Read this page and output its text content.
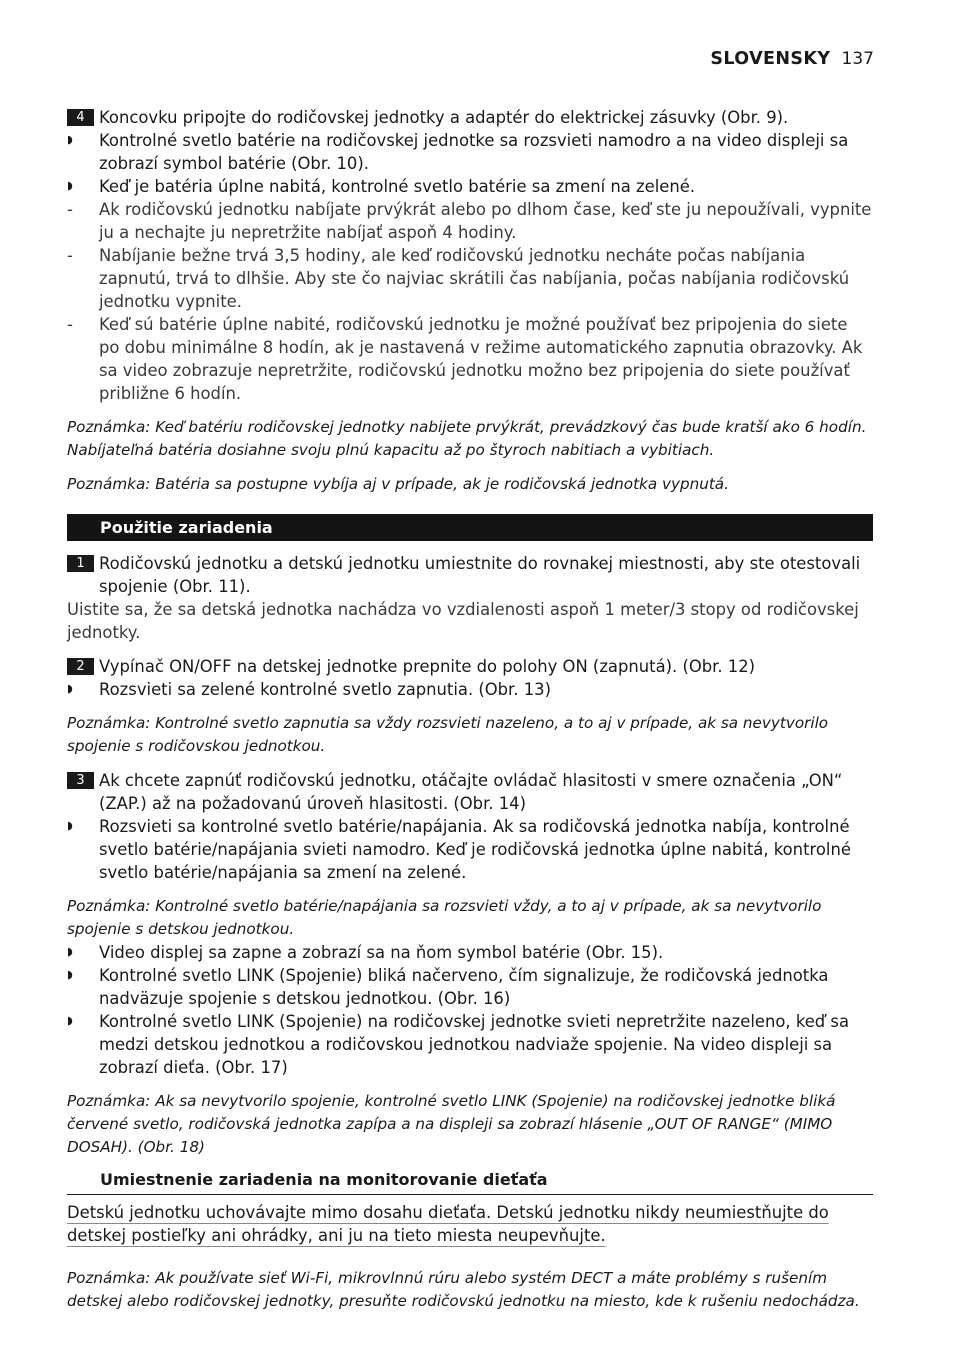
SLOVENSKY 137
4 Koncovku pripojte do rodičovskej jednotky a adaptér do elektrickej zásuvky (Obr. 9).
◗ Kontrolné svetlo batérie na rodičovskej jednotke sa rozsvieti namodro a na video displeji sa zobrazí symbol batérie (Obr. 10).
◗ Keď je batéria úplne nabitá, kontrolné svetlo batérie sa zmení na zelené.
- Ak rodičovskú jednotku nabíjate prvýkrát alebo po dlhom čase, keď ste ju nepoužívali, vypnite ju a nechajte ju nepretržite nabíjať aspoň 4 hodiny.
- Nabíjanie bežne trvá 3,5 hodiny, ale keď rodičovskú jednotku necháte počas nabíjania zapnutú, trvá to dlhšie. Aby ste čo najviac skrátili čas nabíjania, počas nabíjania rodičovskú jednotku vypnite.
- Keď sú batérie úplne nabité, rodičovskú jednotku je možné používať bez pripojenia do siete po dobu minimálne 8 hodín, ak je nastavená v režime automatického zapnutia obrazovky. Ak sa video zobrazuje nepretržite, rodičovskú jednotku možno bez pripojenia do siete používať približne 6 hodín.
Poznámka: Keď batériu rodičovskej jednotky nabijete prvýkrát, prevádzkový čas bude kratší ako 6 hodín. Nabíjateľná batéria dosiahne svoju plnú kapacitu až po štyroch nabitiach a vybitiach.
Poznámka: Batéria sa postupne vybíja aj v prípade, ak je rodičovská jednotka vypnutá.
Použitie zariadenia
1 Rodičovskú jednotku a detskú jednotku umiestnite do rovnakej miestnosti, aby ste otestovali spojenie (Obr. 11).
Uistite sa, že sa detská jednotka nachádza vo vzdialenosti aspoň 1 meter/3 stopy od rodičovskej jednotky.
2 Vypínač ON/OFF na detskej jednotke prepnite do polohy ON (zapnutá). (Obr. 12)
◗ Rozsvieti sa zelené kontrolné svetlo zapnutia. (Obr. 13)
Poznámka: Kontrolné svetlo zapnutia sa vždy rozsvieti nazeleno, a to aj v prípade, ak sa nevytvorilo spojenie s rodičovskou jednotkou.
3 Ak chcete zapnúť rodičovskú jednotku, otáčajte ovládač hlasitosti v smere označenia „ON“ (ZAP.) až na požadovanú úroveň hlasitosti. (Obr. 14)
◗ Rozsvieti sa kontrolné svetlo batérie/napájania. Ak sa rodičovská jednotka nabíja, kontrolné svetlo batérie/napájania svieti namodro. Keď je rodičovská jednotka úplne nabitá, kontrolné svetlo batérie/napájania sa zmení na zelené.
Poznámka: Kontrolné svetlo batérie/napájania sa rozsvieti vždy, a to aj v prípade, ak sa nevytvorilo spojenie s detskou jednotkou.
◗ Video displej sa zapne a zobrazí sa na ňom symbol batérie (Obr. 15).
◗ Kontrolné svetlo LINK (Spojenie) bliká načerveno, čím signalizuje, že rodičovská jednotka nadväzuje spojenie s detskou jednotkou. (Obr. 16)
◗ Kontrolné svetlo LINK (Spojenie) na rodičovskej jednotke svieti nepretržite nazeleno, keď sa medzi detskou jednotkou a rodičovskou jednotkou nadviaže spojenie. Na video displeji sa zobrazí dieťa. (Obr. 17)
Poznámka: Ak sa nevytvorilo spojenie, kontrolné svetlo LINK (Spojenie) na rodičovskej jednotke bliká červené svetlo, rodičovská jednotka zapípa a na displeji sa zobrazí hlásenie „OUT OF RANGE“ (MIMO DOSAH). (Obr. 18)
Umiestnenie zariadenia na monitorovanie dieťaťa
Detskú jednotku uchovávajte mimo dosahu dieťaťa. Detskú jednotku nikdy neumiestňujte do detskej postieľky ani ohrádky, ani ju na tieto miesta neupevňujte.
Poznámka: Ak používate sieť Wi-Fi, mikrovlnnú rúru alebo systém DECT a máte problémy s rušením detskej alebo rodičovskej jednotky, presuňte rodičovskú jednotku na miesto, kde k rušeniu nedochádza.
